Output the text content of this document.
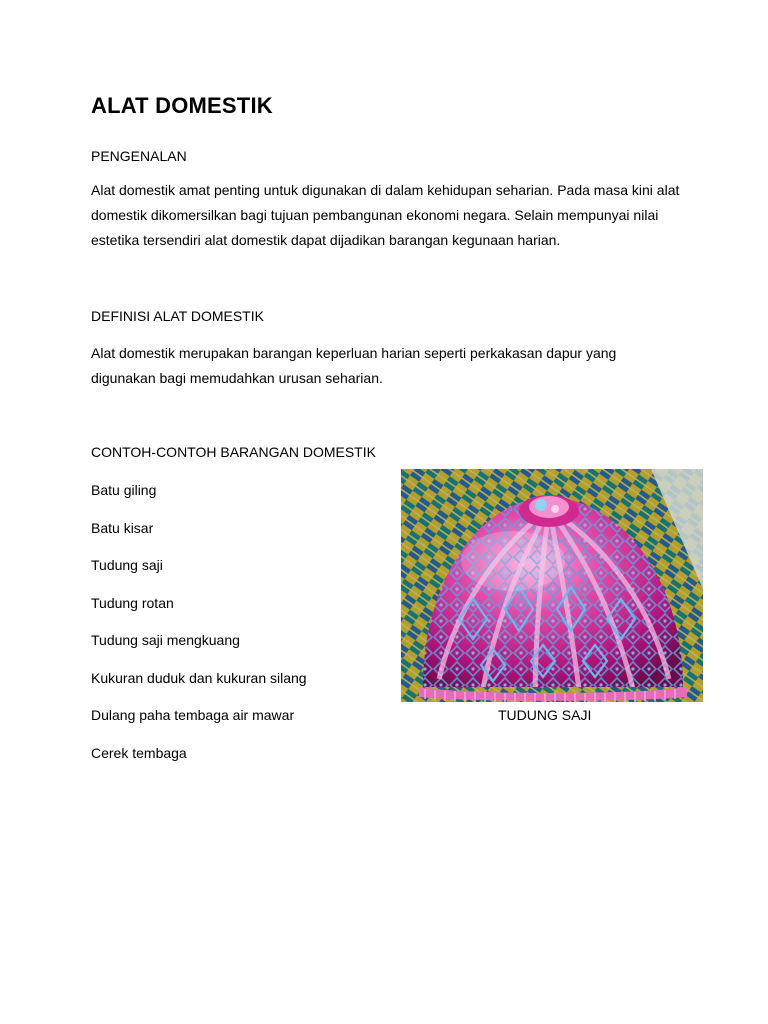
ALAT DOMESTIK
PENGENALAN

Alat domestik amat penting untuk digunakan di dalam kehidupan seharian. Pada masa kini alat
domestik dikomersilkan bagi tujuan pembangunan ekonomi negara. Selain mempunyai nilai
estetika tersendiri alat domestik dapat dijadikan barangan kegunaan harian.

DEFINISI ALAT DOMESTIK

Alat domestik merupakan barangan keperluan harian seperti perkakasan dapur yang
digunakan bagi memudahkan urusan seharian.

CONTOH-CONTOH BARANGAN DOMESTIK
Batu giling
Batu kisar
Tudung saji
Tudung rotan
Tudung saji mengkuang
Kukuran duduk dan kukuran silang
Dulang paha tembaga air mawar
Cerek tembaga
TUDUNG SAJI
